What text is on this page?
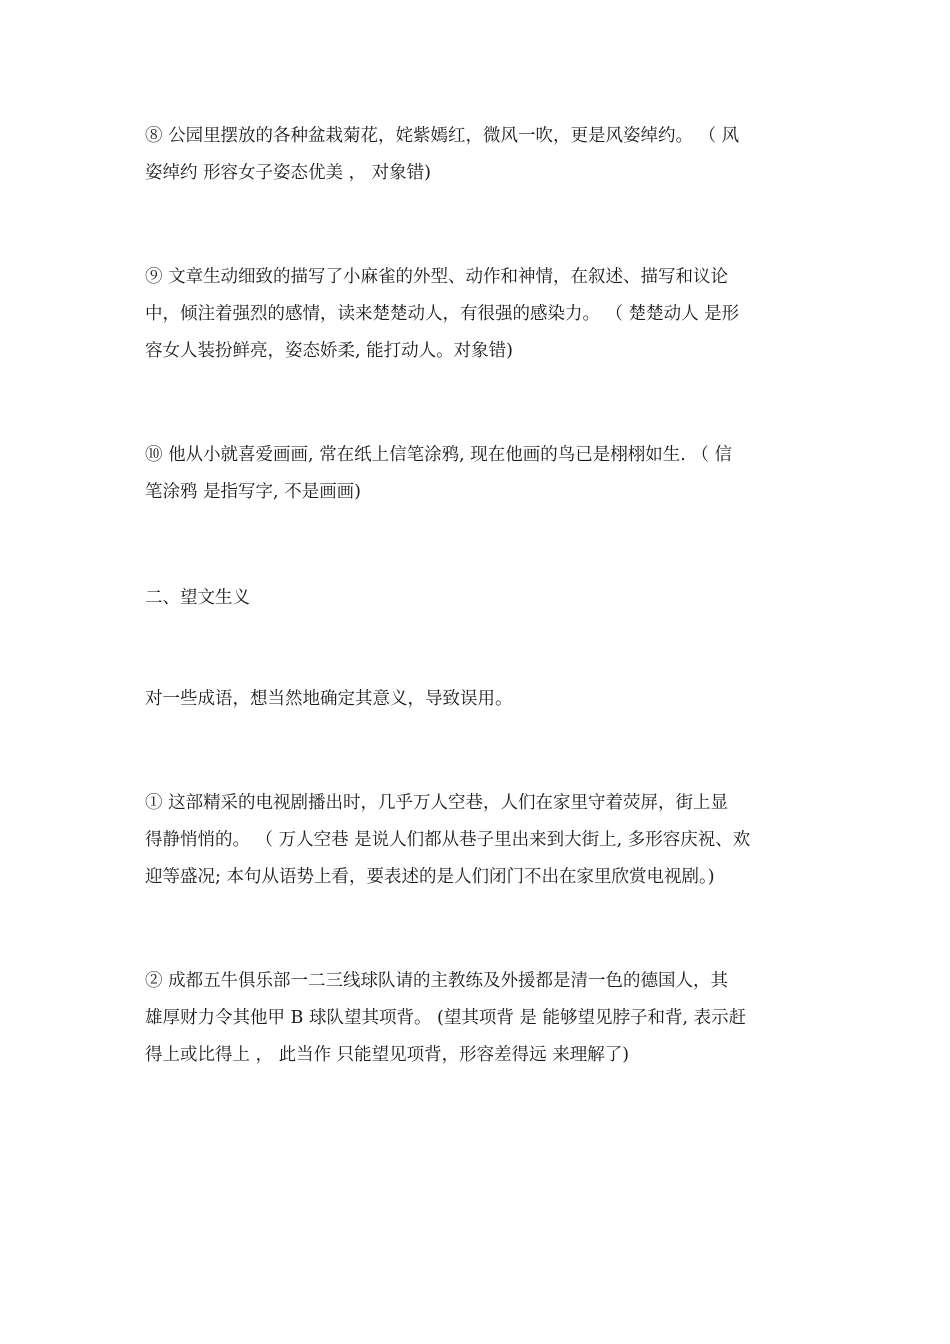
⑧ 公园里摆放的各种盆栽菊花，姹紫嫣红，微风一吹，更是风姿绰约。 （ 风
姿绰约 形容女子姿态优美 ， 对象错)
⑨ 文章生动细致的描写了小麻雀的外型、动作和神情，在叙述、描写和议论
中，倾注着强烈的感情，读来楚楚动人，有很强的感染力。 （ 楚楚动人 是形
容女人装扮鲜亮，姿态娇柔, 能打动人。对象错)
⑩ 他从小就喜爱画画, 常在纸上信笔涂鸦, 现在他画的鸟已是栩栩如生. （ 信
笔涂鸦 是指写字, 不是画画)
二、望文生义
对一些成语，想当然地确定其意义，导致误用。
① 这部精采的电视剧播出时，几乎万人空巷，人们在家里守着荧屏，街上显
得静悄悄的。 （ 万人空巷 是说人们都从巷子里出来到大街上, 多形容庆祝、欢
迎等盛况; 本句从语势上看，要表述的是人们闭门不出在家里欣赏电视剧。)
② 成都五牛俱乐部一二三线球队请的主教练及外援都是清一色的德国人，其
雄厚财力令其他甲 B 球队望其项背。 (望其项背 是 能够望见脖子和背, 表示赶
得上或比得上 ， 此当作 只能望见项背，形容差得远 来理解了)
